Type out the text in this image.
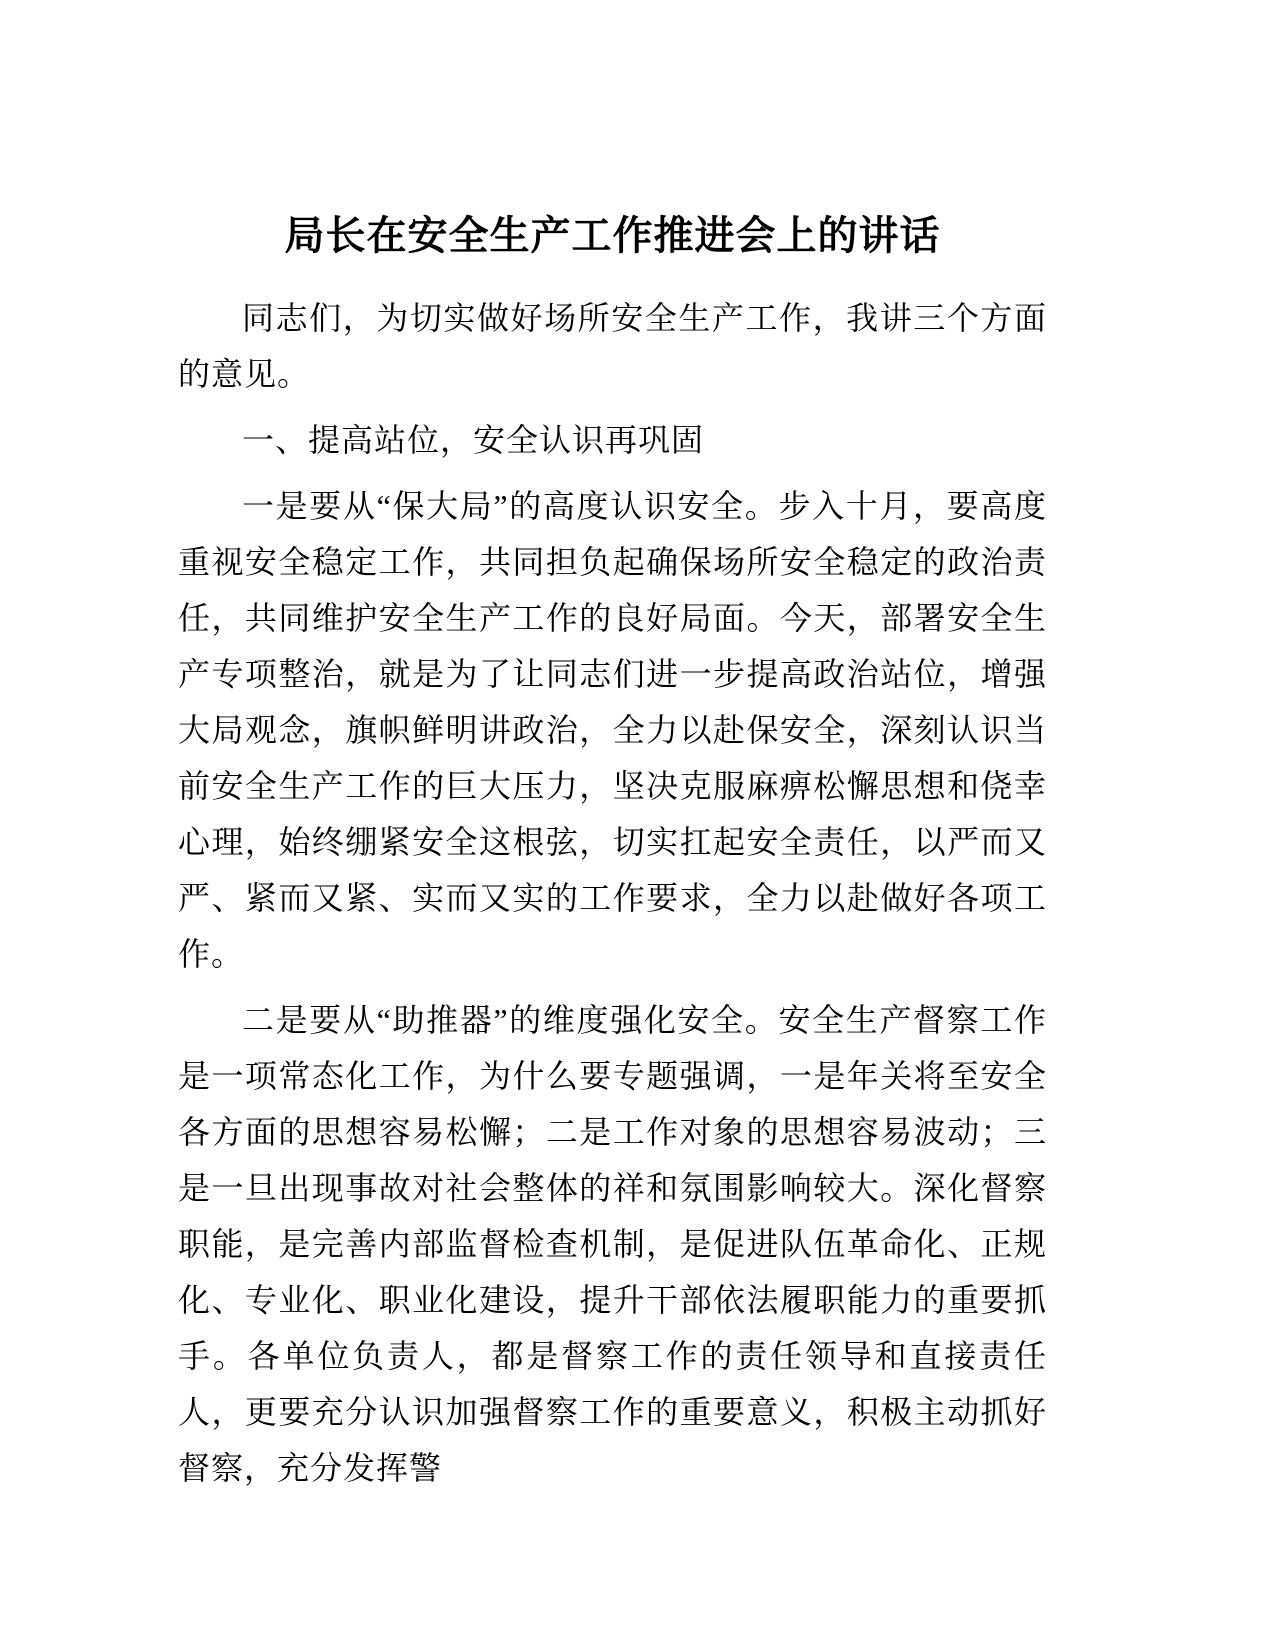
局长在安全生产工作推进会上的讲话

同志们，为切实做好场所安全生产工作，我讲三个方面的意见。

一、提高站位，安全认识再巩固

一是要从“保大局”的高度认识安全。步入十月，要高度重视安全稳定工作，共同担负起确保场所安全稳定的政治责任，共同维护安全生产工作的良好局面。今天，部署安全生产专项整治，就是为了让同志们进一步提高政治站位，增强大局观念，旗帜鲜明讲政治，全力以赴保安全，深刻认识当前安全生产工作的巨大压力，坚决克服麻痹松懈思想和侥幸心理，始终绷紧安全这根弦，切实扛起安全责任，以严而又严、紧而又紧、实而又实的工作要求，全力以赴做好各项工作。

二是要从“助推器”的维度强化安全。安全生产督察工作是一项常态化工作，为什么要专题强调，一是年关将至安全各方面的思想容易松懈；二是工作对象的思想容易波动；三是一旦出现事故对社会整体的祥和氛围影响较大。深化督察职能，是完善内部监督检查机制，是促进队伍革命化、正规化、专业化、职业化建设，提升干部依法履职能力的重要抓手。各单位负责人，都是督察工作的责任领导和直接责任人，更要充分认识加强督察工作的重要意义，积极主动抓好督察，充分发挥警
